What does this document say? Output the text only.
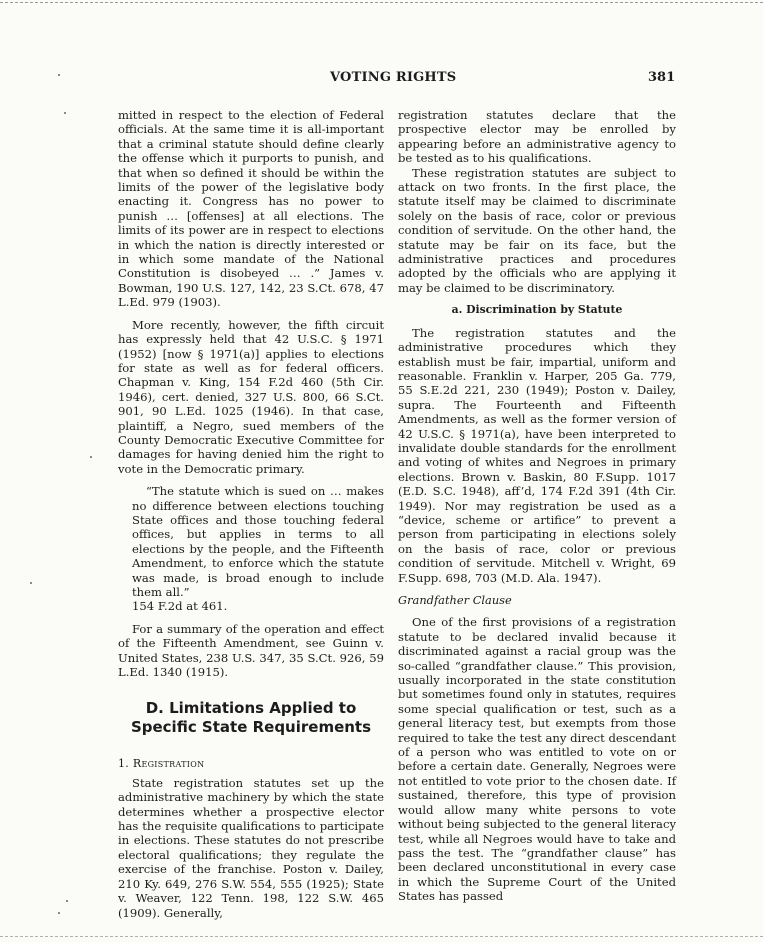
VOTING RIGHTS	381

mitted in respect to the election of Federal officials. At the same time it is all-important that a criminal statute should define clearly the offense which it purports to punish, and that when so defined it should be within the limits of the power of the legislative body enacting it. Congress has no power to punish … [offenses] at all elections. The limits of its power are in respect to elections in which the nation is directly interested or in which some mandate of the National Constitution is disobeyed … .” James v. Bowman, 190 U.S. 127, 142, 23 S.Ct. 678, 47 L.Ed. 979 (1903).

More recently, however, the fifth circuit has expressly held that 42 U.S.C. § 1971 (1952) [now § 1971(a)] applies to elections for state as well as for federal officers. Chapman v. King, 154 F.2d 460 (5th Cir. 1946), cert. denied, 327 U.S. 800, 66 S.Ct. 901, 90 L.Ed. 1025 (1946). In that case, plaintiff, a Negro, sued members of the County Democratic Executive Committee for damages for having denied him the right to vote in the Democratic primary.

“The statute which is sued on … makes no difference between elections touching State offices and those touching federal offices, but applies in terms to all elections by the people, and the Fifteenth Amendment, to enforce which the statute was made, is broad enough to include them all.”

154 F.2d at 461.

For a summary of the operation and effect of the Fifteenth Amendment, see Guinn v. United States, 238 U.S. 347, 35 S.Ct. 926, 59 L.Ed. 1340 (1915).

D. Limitations Applied to
Specific State Requirements
1. Registration

State registration statutes set up the administrative machinery by which the state determines whether a prospective elector has the requisite qualifications to participate in elections. These statutes do not prescribe electoral qualifications; they regulate the exercise of the franchise. Poston v. Dailey, 210 Ky. 649, 276 S.W. 554, 555 (1925); State v. Weaver, 122 Tenn. 198, 122 S.W. 465 (1909). Generally,

registration statutes declare that the prospective elector may be enrolled by appearing before an administrative agency to be tested as to his qualifications.

These registration statutes are subject to attack on two fronts. In the first place, the statute itself may be claimed to discriminate solely on the basis of race, color or previous condition of servitude. On the other hand, the statute may be fair on its face, but the administrative practices and procedures adopted by the officials who are applying it may be claimed to be discriminatory.

a. Discrimination by Statute

The registration statutes and the administrative procedures which they establish must be fair, impartial, uniform and reasonable. Franklin v. Harper, 205 Ga. 779, 55 S.E.2d 221, 230 (1949); Poston v. Dailey, supra. The Fourteenth and Fifteenth Amendments, as well as the former version of 42 U.S.C. § 1971(a), have been interpreted to invalidate double standards for the enrollment and voting of whites and Negroes in primary elections. Brown v. Baskin, 80 F.Supp. 1017 (E.D. S.C. 1948), aff’d, 174 F.2d 391 (4th Cir. 1949). Nor may registration be used as a “device, scheme or artifice” to prevent a person from participating in elections solely on the basis of race, color or previous condition of servitude. Mitchell v. Wright, 69 F.Supp. 698, 703 (M.D. Ala. 1947).

Grandfather Clause

One of the first provisions of a registration statute to be declared invalid because it discriminated against a racial group was the so-called “grandfather clause.” This provision, usually incorporated in the state constitution but sometimes found only in statutes, requires some special qualification or test, such as a general literacy test, but exempts from those required to take the test any direct descendant of a person who was entitled to vote on or before a certain date. Generally, Negroes were not entitled to vote prior to the chosen date. If sustained, therefore, this type of provision would allow many white persons to vote without being subjected to the general literacy test, while all Negroes would have to take and pass the test. The “grandfather clause” has been declared unconstitutional in every case in which the Supreme Court of the United States has passed
